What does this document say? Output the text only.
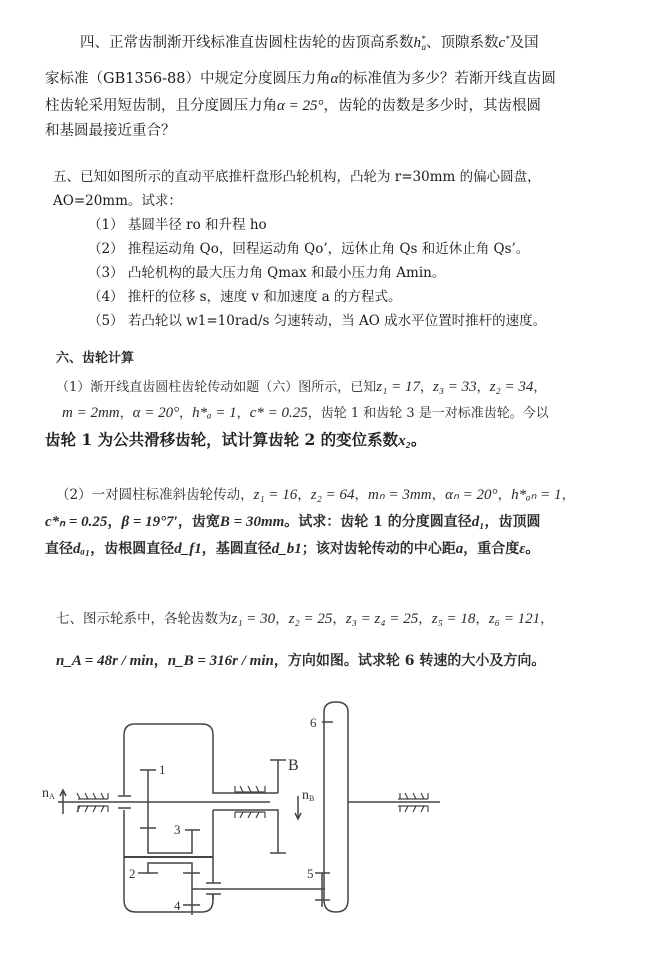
四、正常齿制渐开线标准直齿圆柱齿轮的齿顶高系数$h^*_a$、顶隙系数c*及国
家标准（GB1356-88）中规定分度圆压力角α的标准值为多少？若渐开线直齿圆
柱齿轮采用短齿制，且分度圆压力角α = 25°，齿轮的齿数是多少时，其齿根圆
和基圆最接近重合？
五、已知如图所示的直动平底推杆盘形凸轮机构，凸轮为 r=30mm 的偏心圆盘，
AO=20mm。试求：
（1） 基圆半径 ro 和升程 ho
（2） 推程运动角 Qo，回程运动角 Qo’，远休止角 Qs 和近休止角 Qs’。
（3） 凸轮机构的最大压力角 Qmax 和最小压力角 Amin。
（4） 推杆的位移 s，速度 v 和加速度 a 的方程式。
（5） 若凸轮以 w1=10rad/s 匀速转动，当 AO 成水平位置时推杆的速度。
六、齿轮计算
（1）渐开线直齿圆柱齿轮传动如题（六）图所示，已知z₁ = 17，z₃ = 33，z₂ = 34，
m = 2mm，α = 20°，h*ₐ = 1，c* = 0.25，齿轮 1 和齿轮 3 是一对标准齿轮。今以
齿轮 1 为公共滑移齿轮，试计算齿轮 2 的变位系数x₂。
（2）一对圆柱标准斜齿轮传动，z₁ = 16，z₂ = 64，mₙ = 3mm，αₙ = 20°，h*ₐₙ = 1，
c*ₙ = 0.25，β = 19°7′，齿宽B = 30mm。试求：齿轮 1 的分度圆直径d₁，齿顶圆
直径dₐ₁，齿根圆直径d_f1，基圆直径d_b1；该对齿轮传动的中心距a，重合度ε。
七、图示轮系中，各轮齿数为z₁ = 30，z₂ = 25，z₃ = z₄ = 25，z₅ = 18，z₆ = 121，
n_A = 48r / min，n_B = 316r / min，方向如图。试求轮 6 转速的大小及方向。
nA	nB
B
1
3
2
4
5
6
